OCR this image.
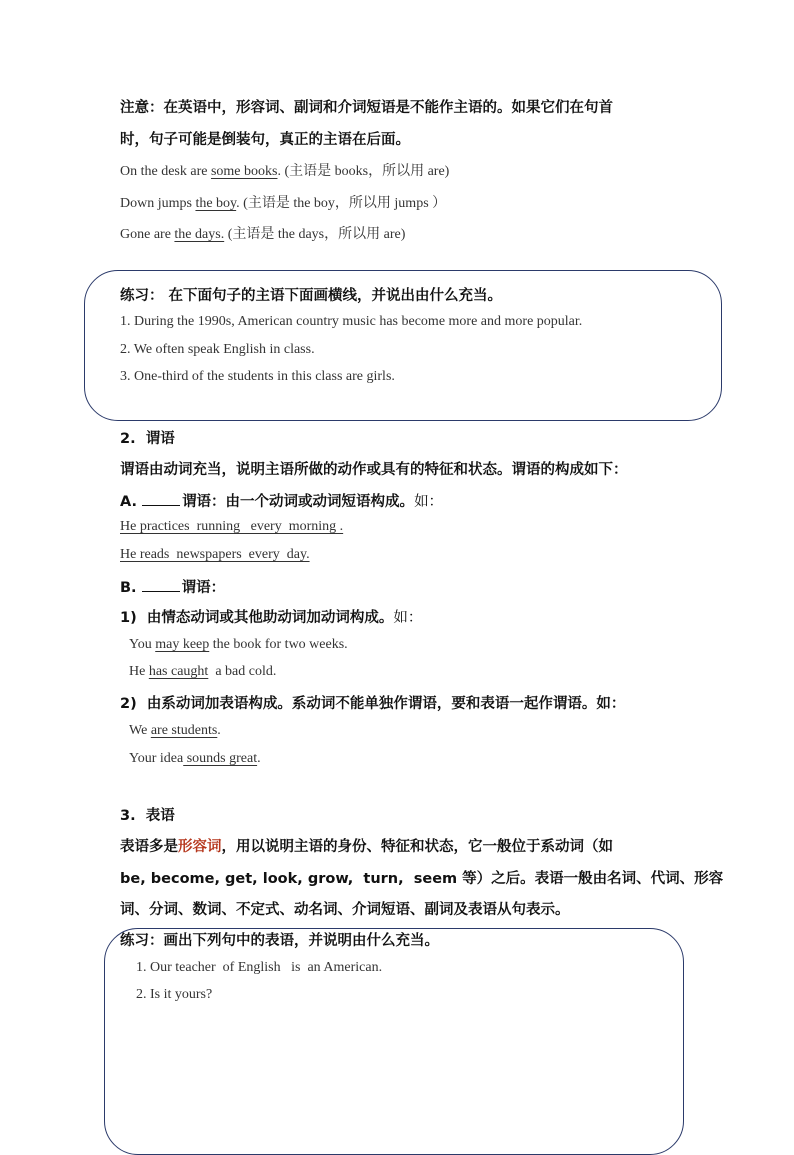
注意：在英语中，形容词、副词和介词短语是不能作主语的。如果它们在句首
时，句子可能是倒装句，真正的主语在后面。
On the desk are some books. (主语是 books，所以用 are)
Down jumps the boy. (主语是 the boy，所以用 jumps ）
Gone are the days. (主语是 the days，所以用 are)
练习： 在下面句子的主语下面画横线，并说出由什么充当。
1. During the 1990s, American country music has become more and more popular.
2. We often speak English in class.
3. One-third of the students in this class are girls.
2. 谓语
谓语由动词充当，说明主语所做的动作或具有的特征和状态。谓语的构成如下：
A.	谓语：由一个动词或动词短语构成。如：
He practices  running   every  morning .
He reads  newspapers  every  day.
B.	谓语：
1) 由情态动词或其他助动词加动词构成。如：
You may keep the book for two weeks.
He has caught  a bad cold.
2) 由系动词加表语构成。系动词不能单独作谓语，要和表语一起作谓语。如：
We are students.
Your idea sounds great.
3. 表语
表语多是形容词，用以说明主语的身份、特征和状态，它一般位于系动词（如
be, become, get, look, grow,  turn,  seem 等）之后。表语一般由名词、代词、形容
词、分词、数词、不定式、动名词、介词短语、副词及表语从句表示。
练习：画出下列句中的表语，并说明由什么充当。
1. Our teacher  of English   is  an American.
2. Is it yours?
